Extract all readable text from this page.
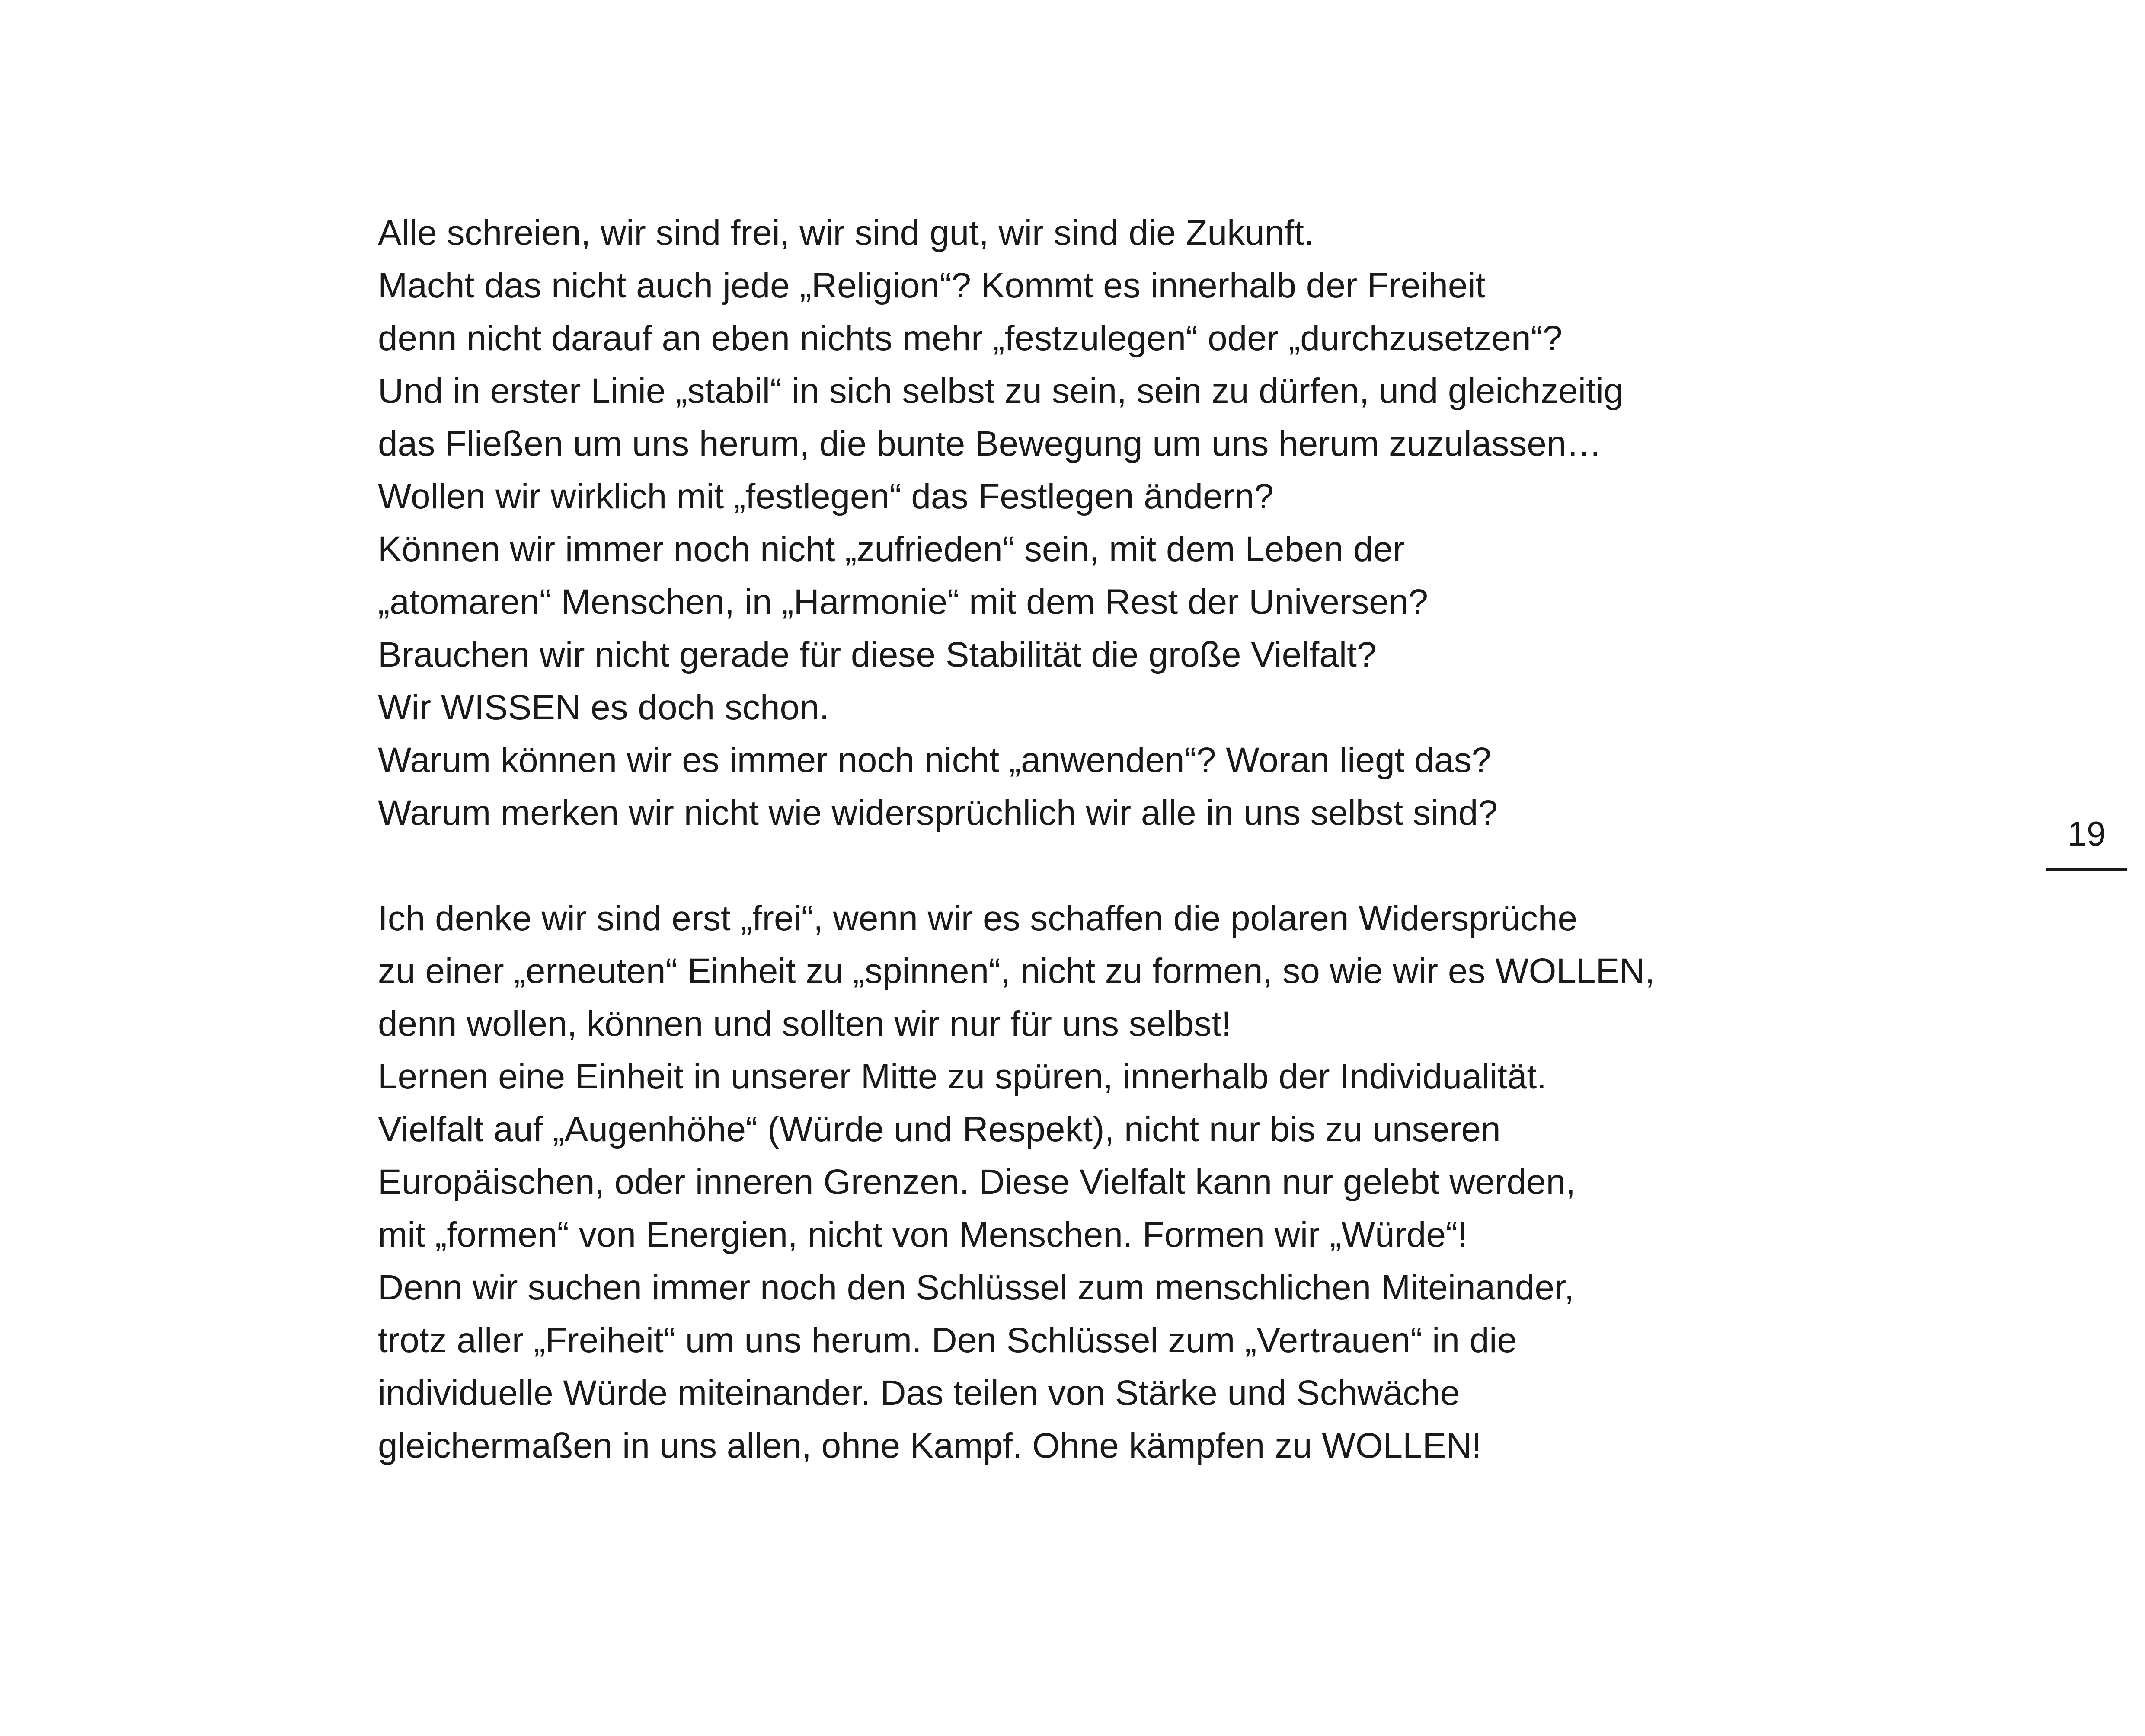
Alle schreien, wir sind frei, wir sind gut, wir sind die Zukunft.
Macht das nicht auch jede „Religion“? Kommt es innerhalb der Freiheit
denn nicht darauf an eben nichts mehr „festzulegen“ oder „durchzusetzen“?
Und in erster Linie „stabil“ in sich selbst zu sein, sein zu dürfen, und gleichzeitig
das Fließen um uns herum, die bunte Bewegung um uns herum zuzulassen…
Wollen wir wirklich mit „festlegen“ das Festlegen ändern?
Können wir immer noch nicht „zufrieden“ sein, mit dem Leben der
„atomaren“ Menschen, in „Harmonie“ mit dem Rest der Universen?
Brauchen wir nicht gerade für diese Stabilität die große Vielfalt?
Wir WISSEN es doch schon.
Warum können wir es immer noch nicht „anwenden“? Woran liegt das?
Warum merken wir nicht wie widersprüchlich wir alle in uns selbst sind?

Ich denke wir sind erst „frei“, wenn wir es schaffen die polaren Widersprüche
zu einer „erneuten“ Einheit zu „spinnen“, nicht zu formen, so wie wir es WOLLEN,
denn wollen, können und sollten wir nur für uns selbst!
Lernen eine Einheit in unserer Mitte zu spüren, innerhalb der Individualität.
Vielfalt auf „Augenhöhe“ (Würde und Respekt), nicht nur bis zu unseren
Europäischen, oder inneren Grenzen. Diese Vielfalt kann nur gelebt werden,
mit „formen“ von Energien, nicht von Menschen. Formen wir „Würde“!
Denn wir suchen immer noch den Schlüssel zum menschlichen Miteinander,
trotz aller „Freiheit“ um uns herum. Den Schlüssel zum „Vertrauen“ in die
individuelle Würde miteinander. Das teilen von Stärke und Schwäche
gleichermaßen in uns allen, ohne Kampf. Ohne kämpfen zu WOLLEN!

19
